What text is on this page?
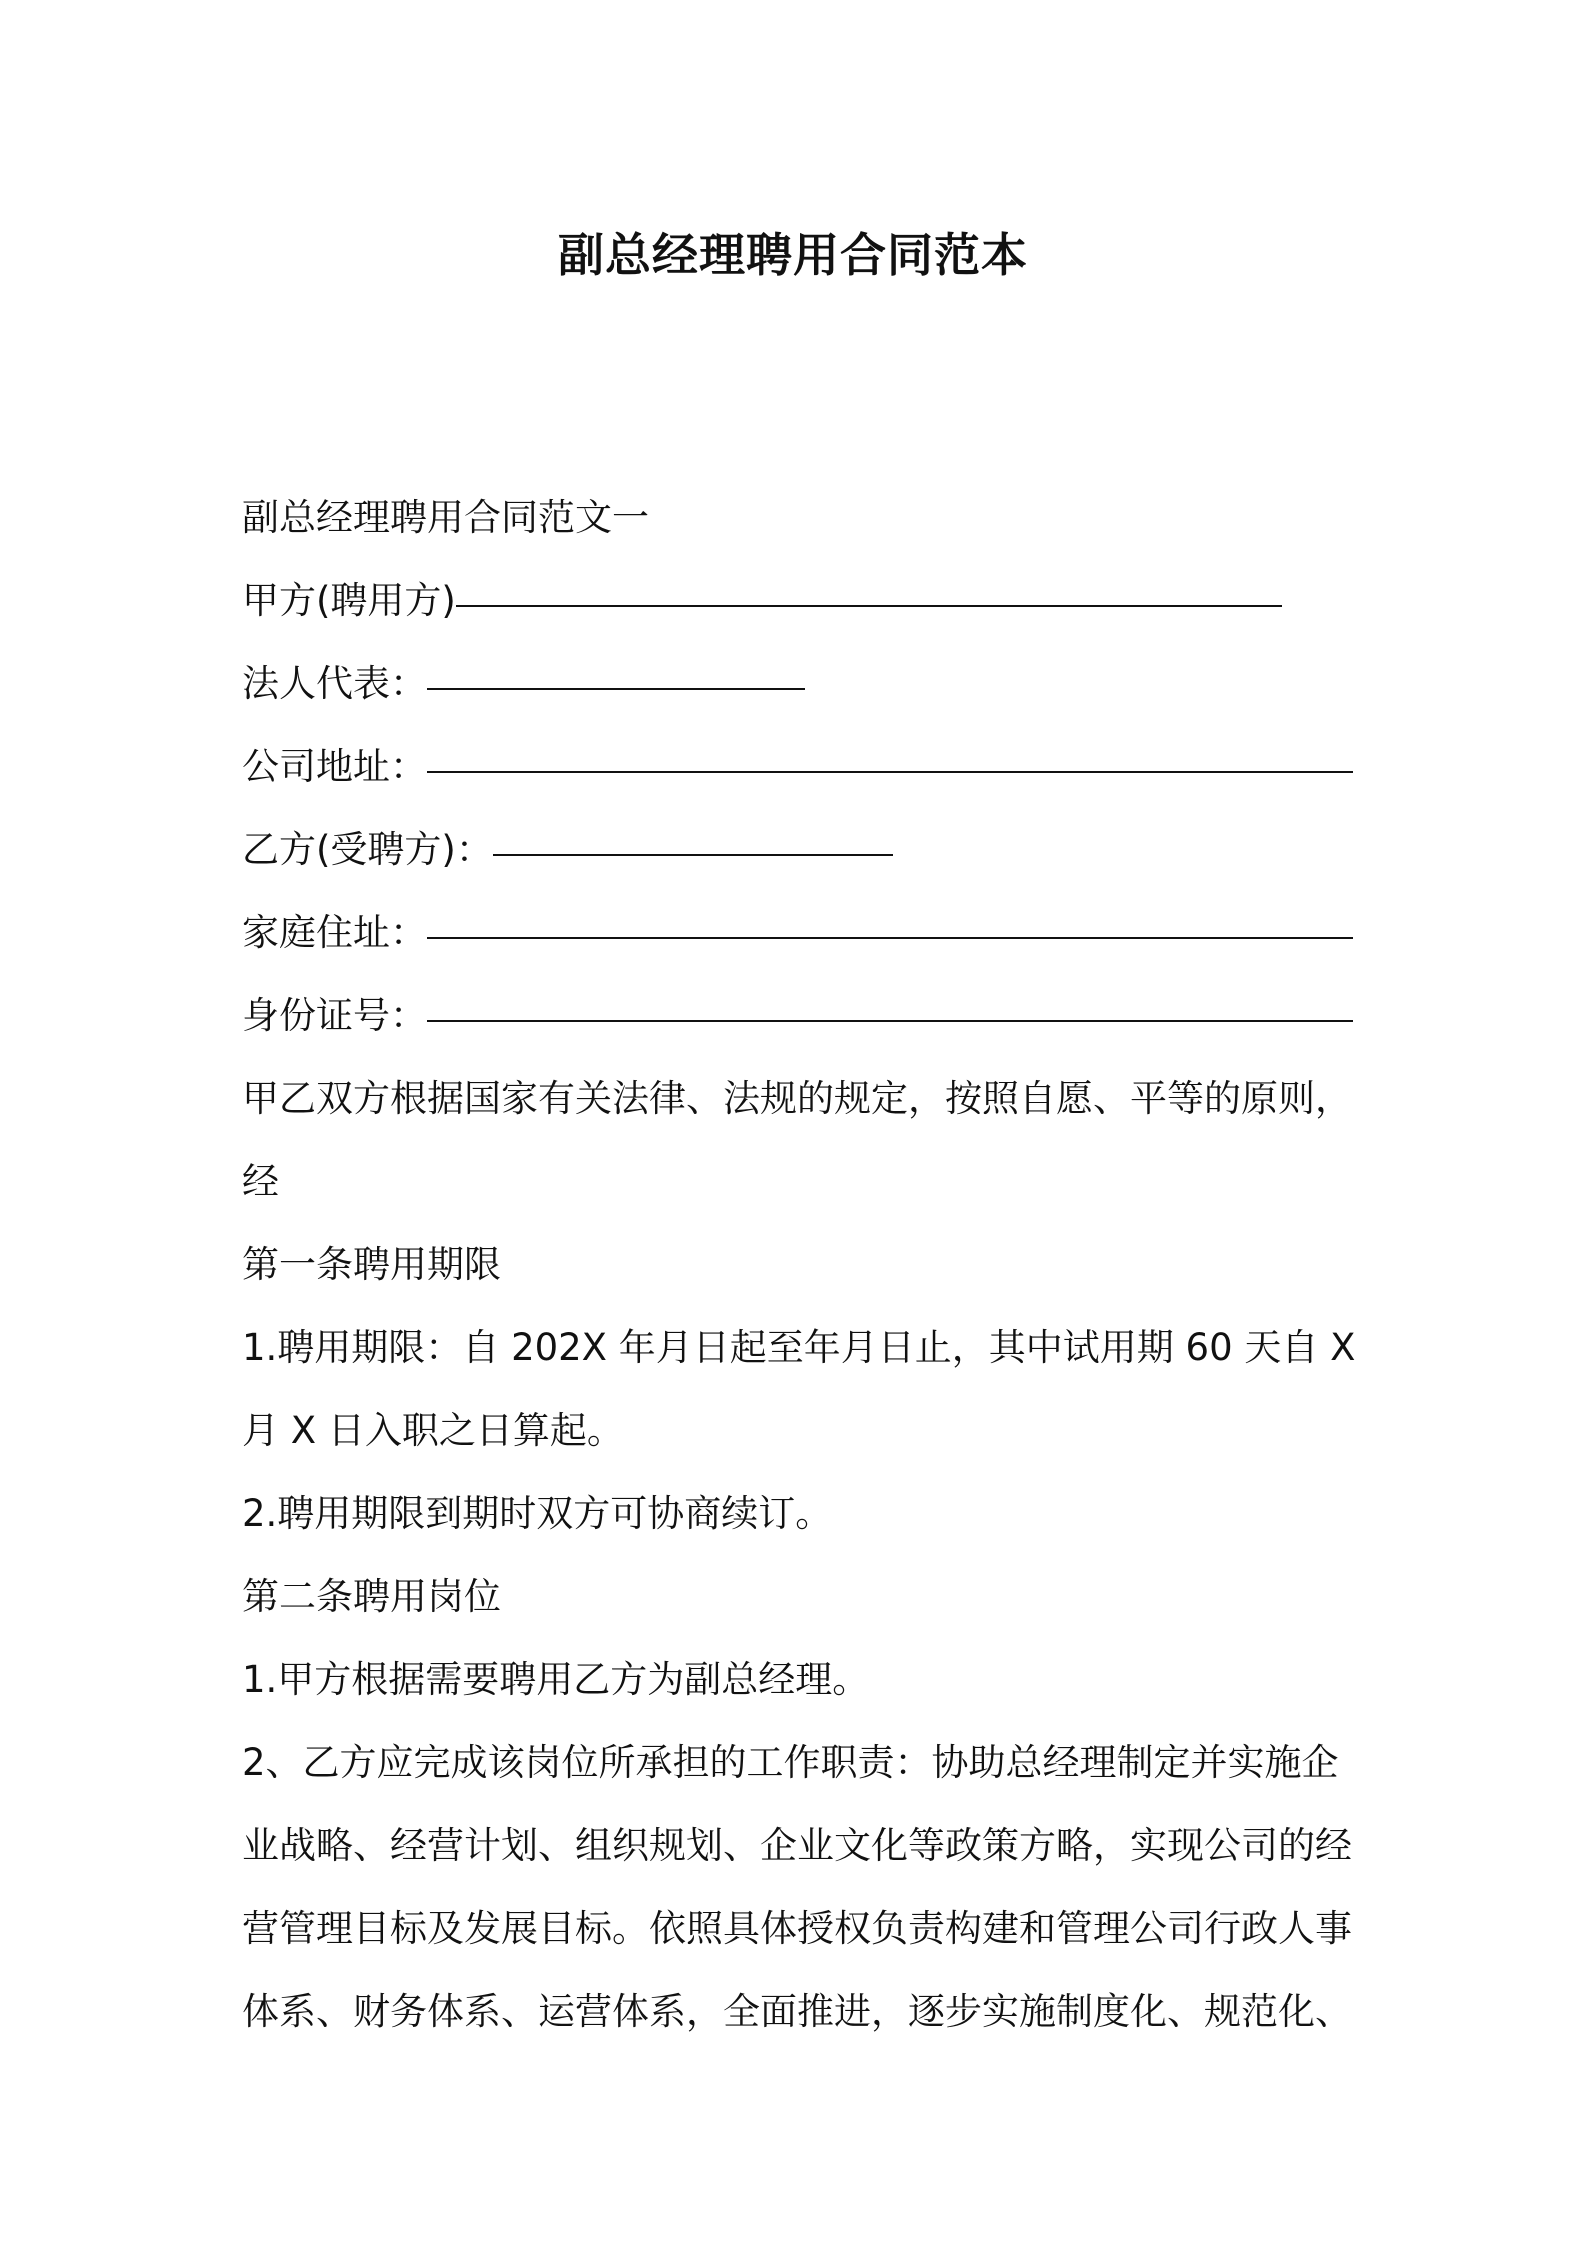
副总经理聘用合同范本

副总经理聘用合同范文一

甲方(聘用方)
法人代表：
公司地址：
乙方(受聘方)：
家庭住址：
身份证号：

甲乙双方根据国家有关法律、法规的规定，按照自愿、平等的原则，

经

第一条聘用期限

1.聘用期限：自 202X 年月日起至年月日止，其中试用期 60 天自 X

月 X 日入职之日算起。

2.聘用期限到期时双方可协商续订。

第二条聘用岗位

1.甲方根据需要聘用乙方为副总经理。

2、乙方应完成该岗位所承担的工作职责：协助总经理制定并实施企

业战略、经营计划、组织规划、企业文化等政策方略，实现公司的经

营管理目标及发展目标。依照具体授权负责构建和管理公司行政人事

体系、财务体系、运营体系，全面推进，逐步实施制度化、规范化、
